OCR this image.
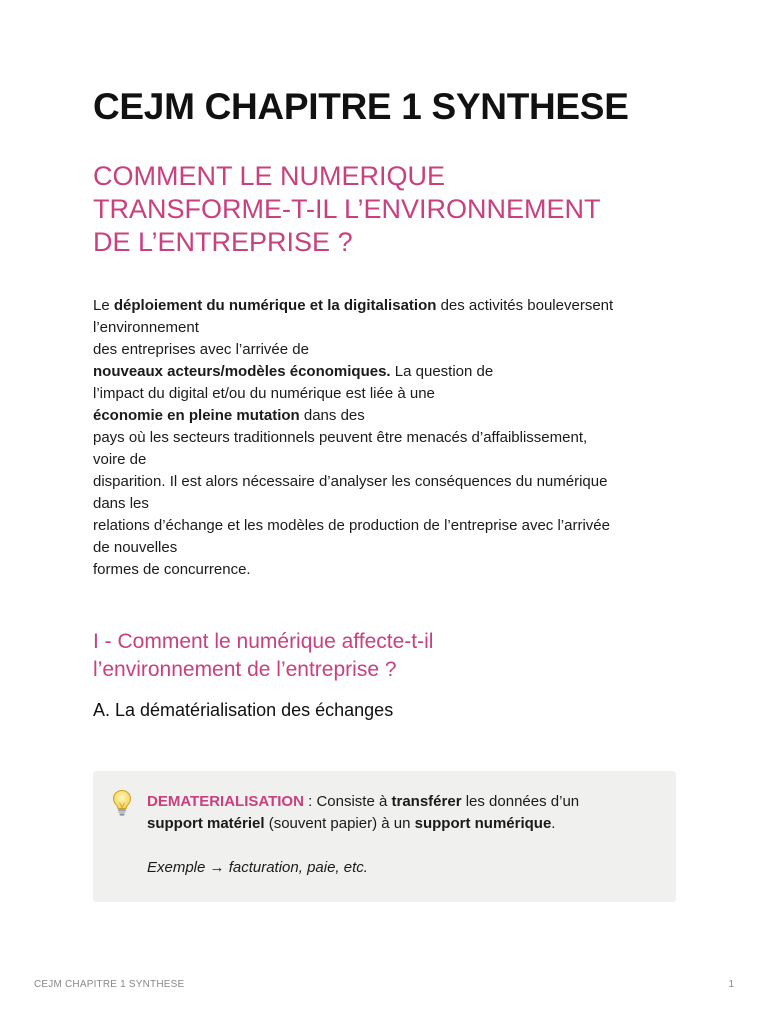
CEJM CHAPITRE 1 SYNTHESE
COMMENT LE NUMERIQUE
TRANSFORME-T-IL L’ENVIRONNEMENT
DE L’ENTREPRISE ?

Le déploiement du numérique et la digitalisation des activités bouleversent
l’environnement
des entreprises avec l’arrivée de
nouveaux acteurs/modèles économiques. La question de
l’impact du digital et/ou du numérique est liée à une
économie en pleine mutation dans des
pays où les secteurs traditionnels peuvent être menacés d’affaiblissement,
voire de
disparition. Il est alors nécessaire d’analyser les conséquences du numérique
dans les
relations d’échange et les modèles de production de l’entreprise avec l’arrivée
de nouvelles
formes de concurrence.

I - Comment le numérique affecte-t-il
l’environnement de l’entreprise ?
A. La dématérialisation des échanges
DEMATERIALISATION : Consiste à transférer les données d’un
support matériel (souvent papier) à un support numérique.
Exemple → facturation, paie, etc.
CEJM CHAPITRE 1 SYNTHESE	1
